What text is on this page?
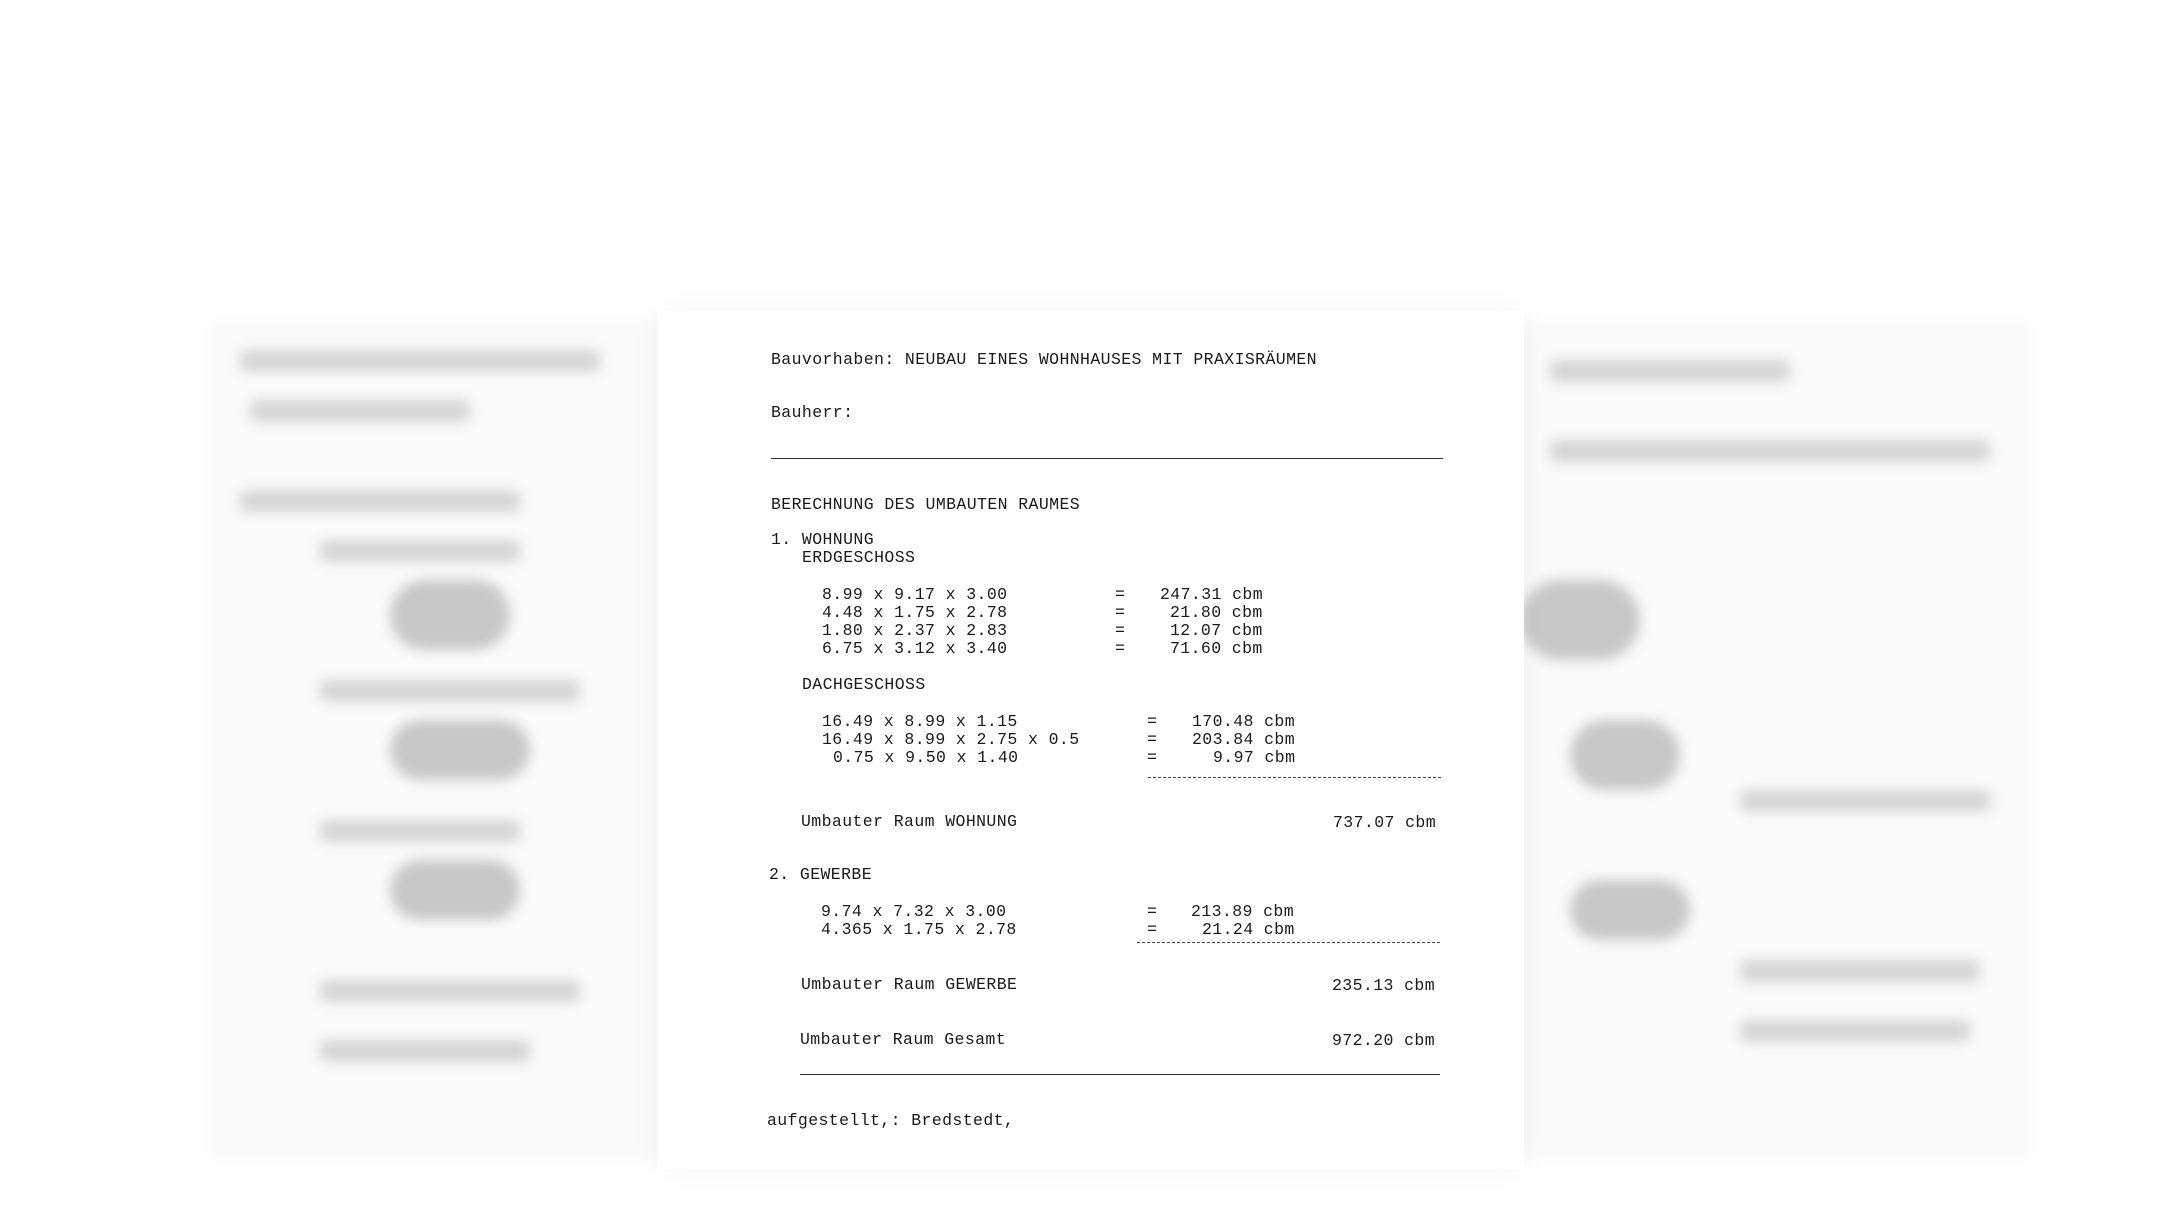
Bauvorhaben: NEUBAU EINES WOHNHAUSES MIT PRAXISRÄUMEN
Bauherr:
BERECHNUNG DES UMBAUTEN RAUMES
1. WOHNUNG
ERDGESCHOSS
8.99 x 9.17 x 3.00	= 247.31 cbm
4.48 x 1.75 x 2.78	=	21.80 cbm
1.80 x 2.37 x 2.83	=	12.07 cbm
6.75 x 3.12 x 3.40	=	71.60 cbm
DACHGESCHOSS
16.49 x 8.99 x 1.15	= 170.48 cbm
16.49 x 8.99 x 2.75 x 0.5	= 203.84 cbm
0.75 x 9.50 x 1.40	=	9.97 cbm
Umbauter Raum WOHNUNG	737.07 cbm
2. GEWERBE
9.74 x 7.32 x 3.00	= 213.89 cbm
4.365 x 1.75 x 2.78	=	21.24 cbm
Umbauter Raum GEWERBE	235.13 cbm
Umbauter Raum Gesamt	972.20 cbm
aufgestellt,: Bredstedt,
